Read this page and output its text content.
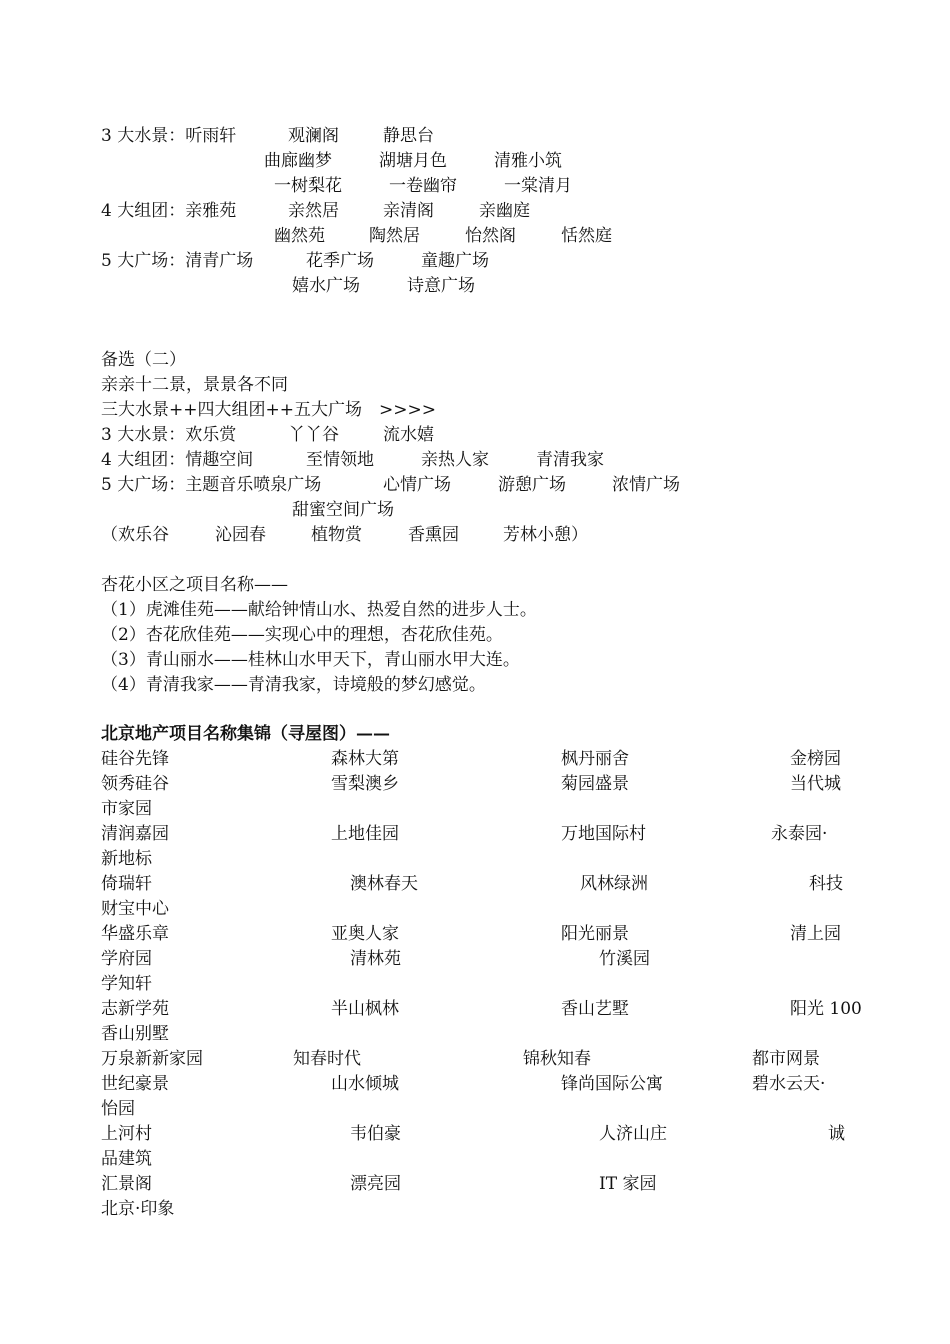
3 大水景：听雨轩	观澜阁	静思台
曲廊幽梦	湖塘月色	清雅小筑
一树梨花	一卷幽帘	一棠清月
4 大组团：亲雅苑	亲然居	亲清阁	亲幽庭
幽然苑	陶然居	怡然阁	恬然庭
5 大广场：清青广场	花季广场	童趣广场
嬉水广场	诗意广场
备选（二）
亲亲十二景，景景各不同
三大水景++四大组团++五大广场　>>>>
3 大水景：欢乐赏	丫丫谷	流水嬉
4 大组团：情趣空间	至情领地	亲热人家	青清我家
5 大广场：主题音乐喷泉广场	心情广场	游憩广场	浓情广场
甜蜜空间广场
（欢乐谷	沁园春	植物赏	香熏园	芳林小憩）
杏花小区之项目名称——
（1）虎滩佳苑——献给钟情山水、热爱自然的进步人士。
（2）杏花欣佳苑——实现心中的理想，杏花欣佳苑。
（3）青山丽水——桂林山水甲天下，青山丽水甲大连。
（4）青清我家——青清我家，诗境般的梦幻感觉。
北京地产项目名称集锦（寻屋图）——
硅谷先锋	森林大第	枫丹丽舍	金榜园
领秀硅谷	雪梨澳乡	菊园盛景	当代城
市家园
清润嘉园	上地佳园	万地国际村	永泰园·
新地标
倚瑞轩	澳林春天	风林绿洲	科技
财宝中心
华盛乐章	亚奥人家	阳光丽景	清上园
学府园	清林苑	竹溪园
学知轩
志新学苑	半山枫林	香山艺墅	阳光 100
香山别墅
万泉新新家园	知春时代	锦秋知春	都市网景
世纪豪景	山水倾城	锋尚国际公寓	碧水云天·
怡园
上河村	韦伯豪	人济山庄	诚
品建筑
汇景阁	漂亮园	IT 家园
北京·印象
